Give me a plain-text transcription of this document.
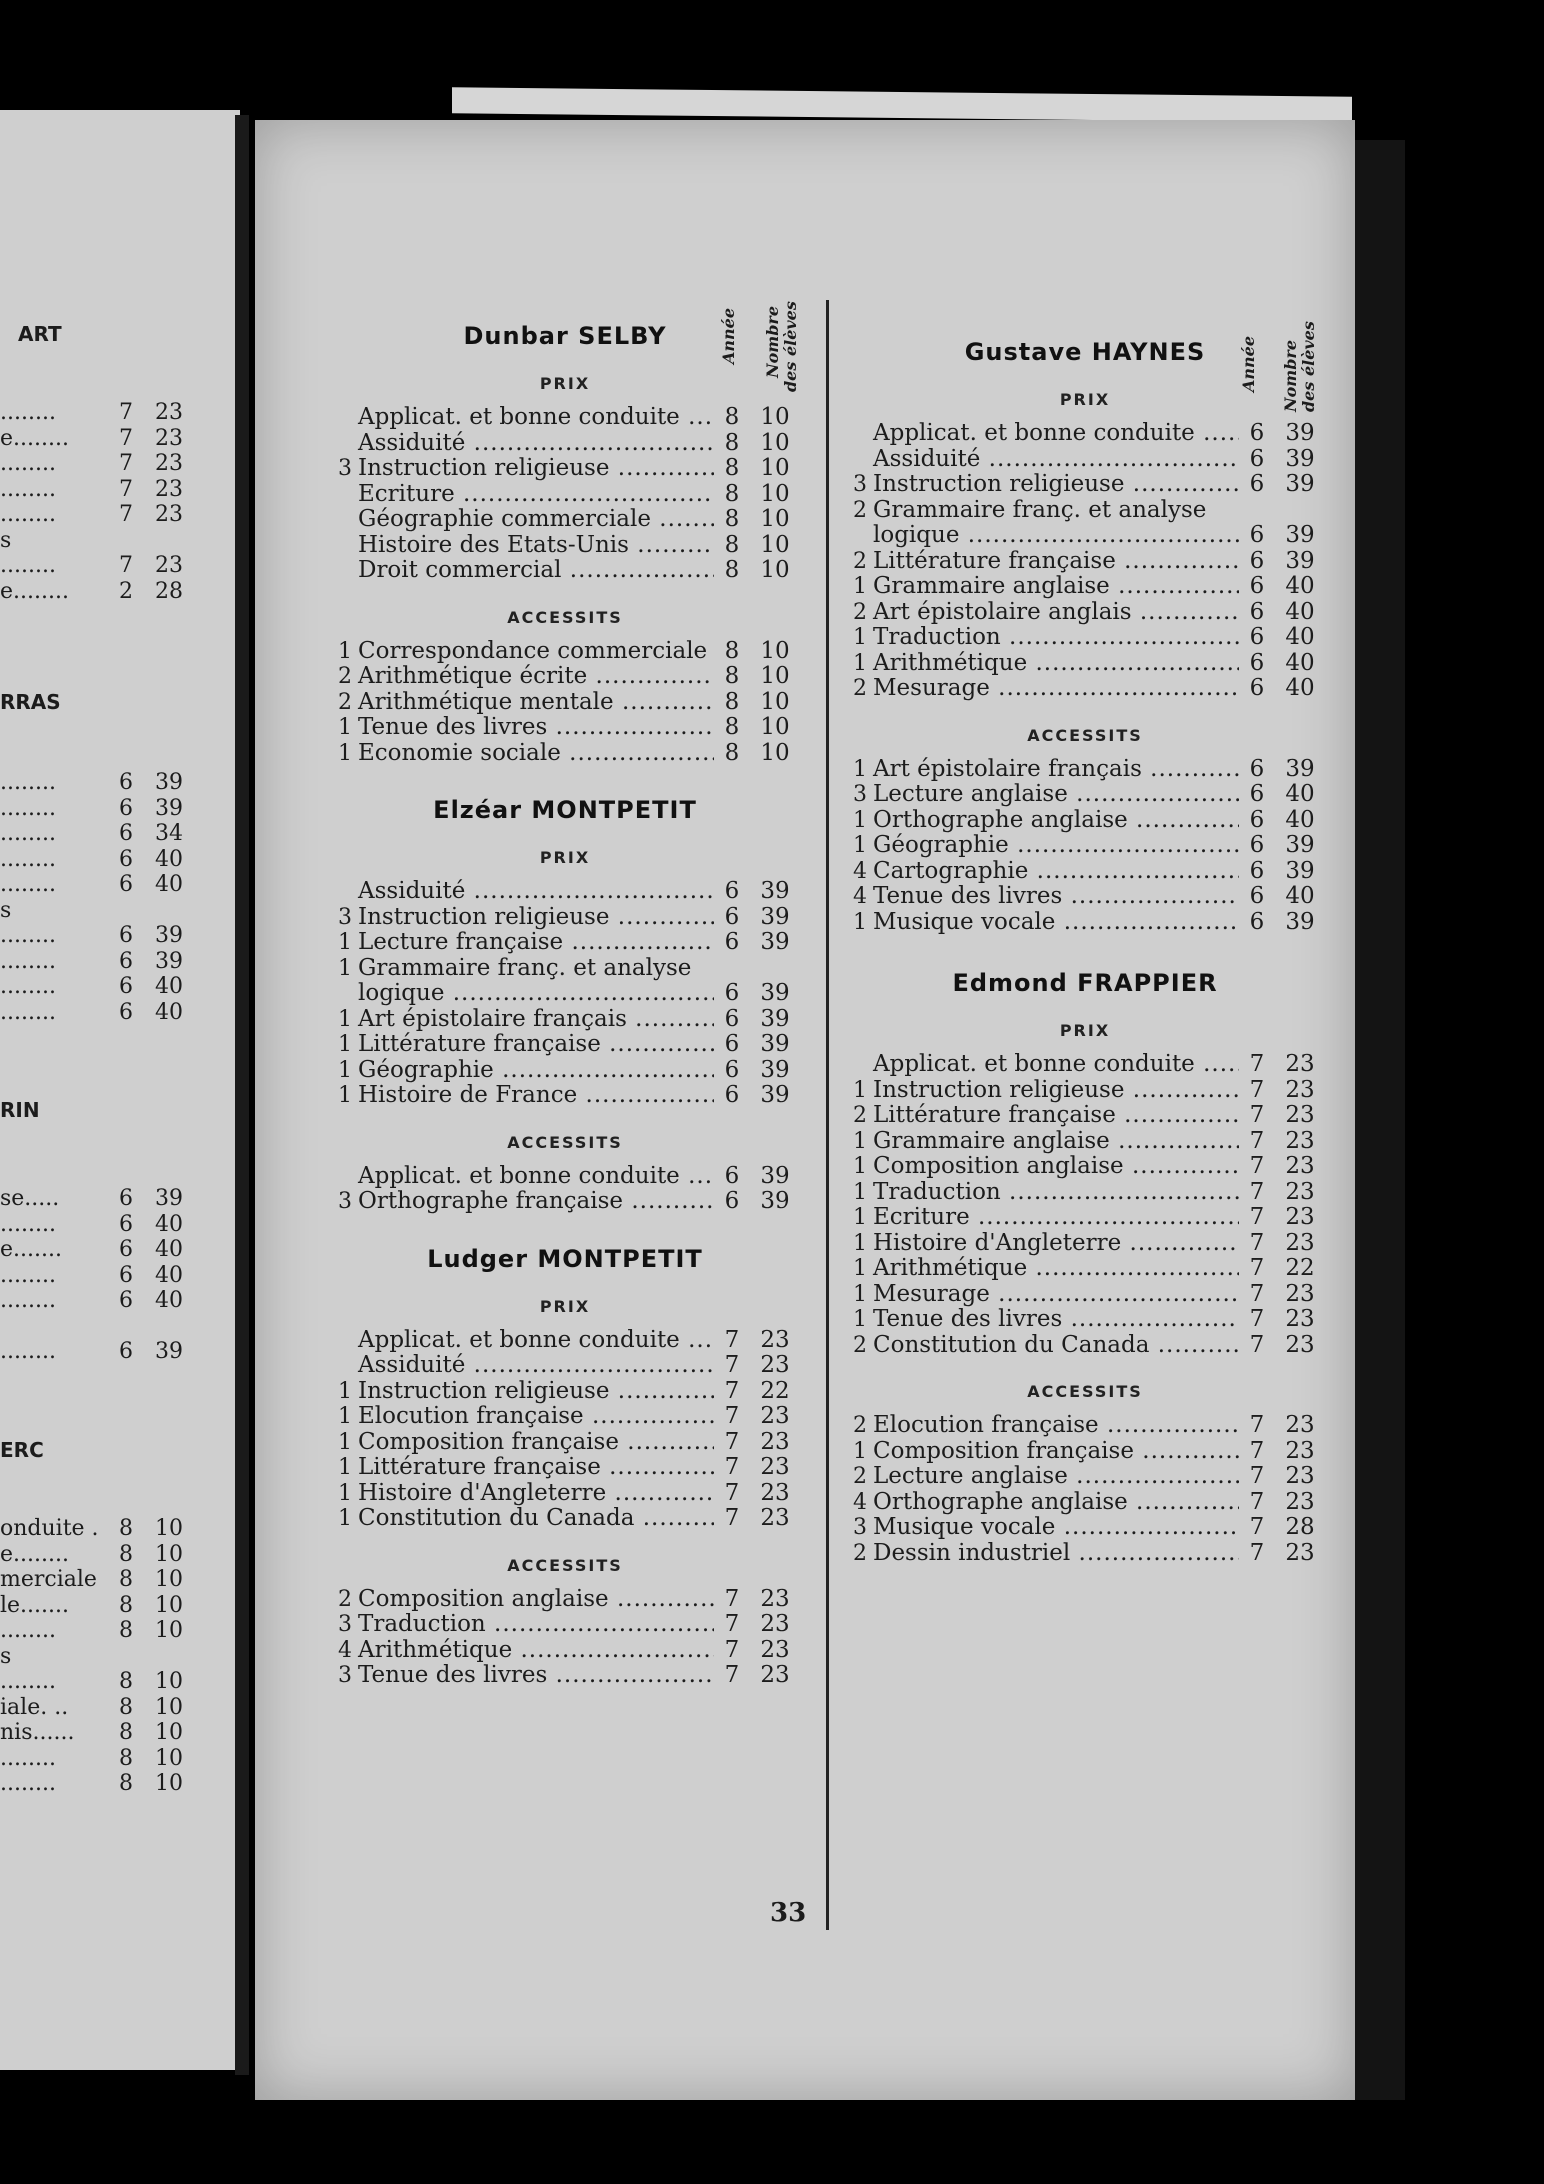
ART
RRAS
RIN
ERC
........	7	23
e........	7	23
........	7	23
........	7	23
........	7	23
s
........	7	23
e........	2	28
........	6	39
........	6	39
........	6	34
........	6	40
........	6	40
s
........	6	39
........	6	39
........	6	40
........	6	40
se.....	6	39
........	6	40
e.......	6	40
........	6	40
........	6	40
........	6	39
onduite . 8	10
e........	8	10
merciale	8	10
le.......	8	10
........	8	10
s
........	8	10
iale. ..	8	10
nis......	8	10
........	8	10
........	8	10
Année Nombre des élèves	Année Nombre des élèves
Dunbar SELBY
PRIX
Applicat. et bonne conduite .....	8 10
Assiduité .....	8 10
3 Instruction religieuse .....	8 10
Ecriture .....	8 10
Géographie commerciale .....	8 10
Histoire des Etats-Unis .....	8 10
Droit commercial .....	8 10
ACCESSITS
1 Correspondance commerciale ..... 8 10
2 Arithmétique écrite .....	8 10
2 Arithmétique mentale .....	8 10
1 Tenue des livres .....	8 10
1 Economie sociale .....	8 10
Elzéar MONTPETIT
PRIX
Assiduité .....	6 39
3 Instruction religieuse .....	6 39
1 Lecture française .....	6 39
1 Grammaire franç. et analyse
logique .....	6 39
1 Art épistolaire français .....	6 39
1 Littérature française .....	6 39
1 Géographie .....	6 39
1 Histoire de France .....	6 39
ACCESSITS
Applicat. et bonne conduite .....	6 39
3 Orthographe française .....	6 39
Ludger MONTPETIT
PRIX
Applicat. et bonne conduite .....	7 23
Assiduité .....	7 23
1 Instruction religieuse .....	7 22
1 Elocution française .....	7 23
1 Composition française .....	7 23
1 Littérature française .....	7 23
1 Histoire d'Angleterre .....	7 23
1 Constitution du Canada .....	7 23
ACCESSITS
2 Composition anglaise .....	7 23
3 Traduction .....	7 23
4 Arithmétique .....	7 23
3 Tenue des livres .....	7 23
Gustave HAYNES
PRIX
Applicat. et bonne conduite .....	6 39
Assiduité .....	6 39
3 Instruction religieuse .....	6 39
2 Grammaire franç. et analyse
logique .....	6 39
2 Littérature française .....	6 39
1 Grammaire anglaise .....	6 40
2 Art épistolaire anglais .....	6 40
1 Traduction .....	6 40
1 Arithmétique .....	6 40
2 Mesurage .....	6 40
ACCESSITS
1 Art épistolaire français .....	6 39
3 Lecture anglaise .....	6 40
1 Orthographe anglaise .....	6 40
1 Géographie .....	6 39
4 Cartographie .....	6 39
4 Tenue des livres .....	6 40
1 Musique vocale .....	6 39
Edmond FRAPPIER
PRIX
Applicat. et bonne conduite .....	7 23
1 Instruction religieuse .....	7 23
2 Littérature française .....	7 23
1 Grammaire anglaise .....	7 23
1 Composition anglaise .....	7 23
1 Traduction .....	7 23
1 Ecriture .....	7 23
1 Histoire d'Angleterre .....	7 23
1 Arithmétique .....	7 22
1 Mesurage .....	7 23
1 Tenue des livres .....	7 23
2 Constitution du Canada .....	7 23
ACCESSITS
2 Elocution française .....	7 23
1 Composition française .....	7 23
2 Lecture anglaise .....	7 23
4 Orthographe anglaise .....	7 23
3 Musique vocale .....	7 28
2 Dessin industriel .....	7 23
33
